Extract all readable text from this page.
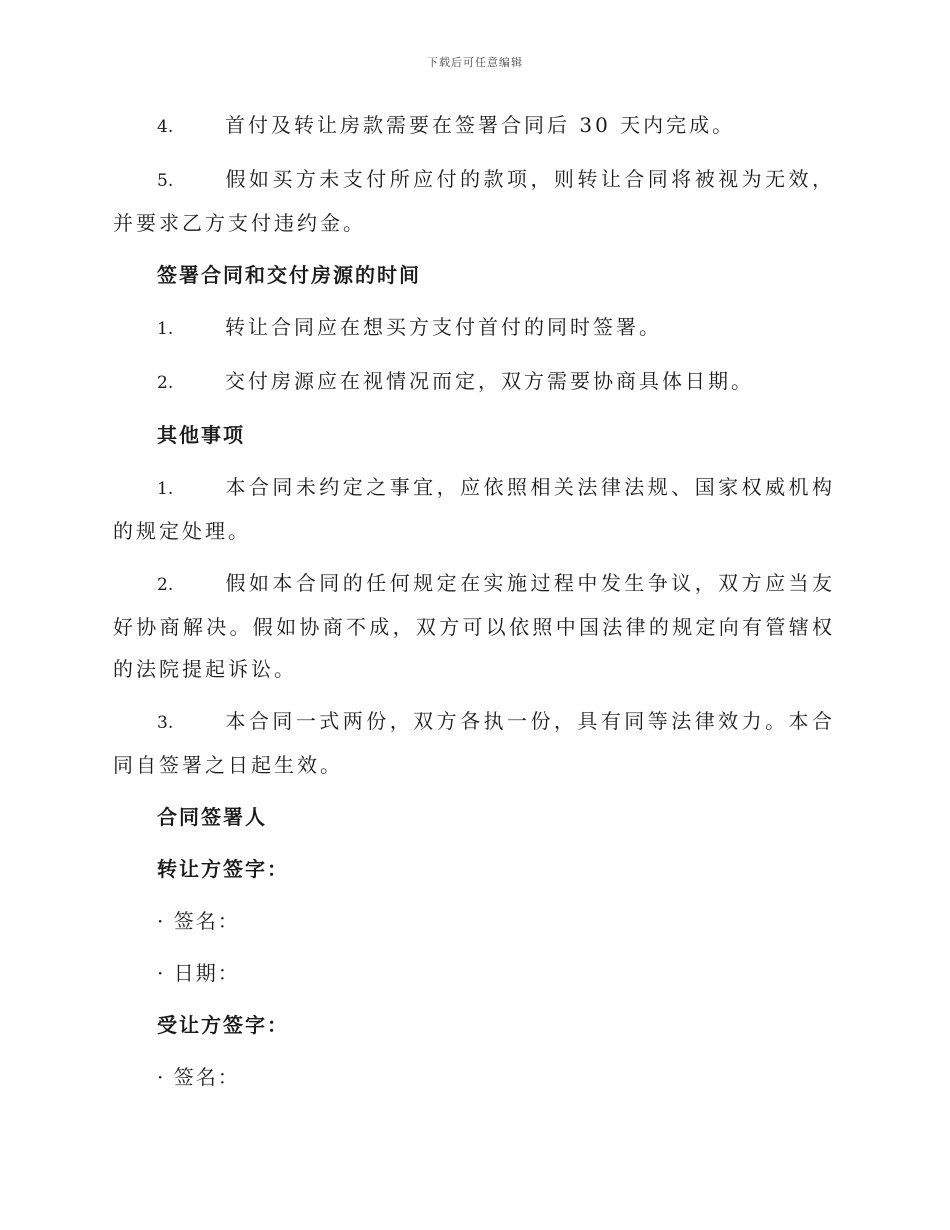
下载后可任意编辑

4.	首付及转让房款需要在签署合同后 30 天内完成。

5.	假如买方未支付所应付的款项，则转让合同将被视为无效，并要求乙方支付违约金。

签署合同和交付房源的时间

1.	转让合同应在想买方支付首付的同时签署。

2.	交付房源应在视情况而定，双方需要协商具体日期。

其他事项

1.	本合同未约定之事宜，应依照相关法律法规、国家权威机构的规定处理。

2.	假如本合同的任何规定在实施过程中发生争议，双方应当友好协商解决。假如协商不成，双方可以依照中国法律的规定向有管辖权的法院提起诉讼。

3.	本合同一式两份，双方各执一份，具有同等法律效力。本合同自签署之日起生效。

合同签署人

转让方签字：

· 签名：

· 日期：

受让方签字：

· 签名：
